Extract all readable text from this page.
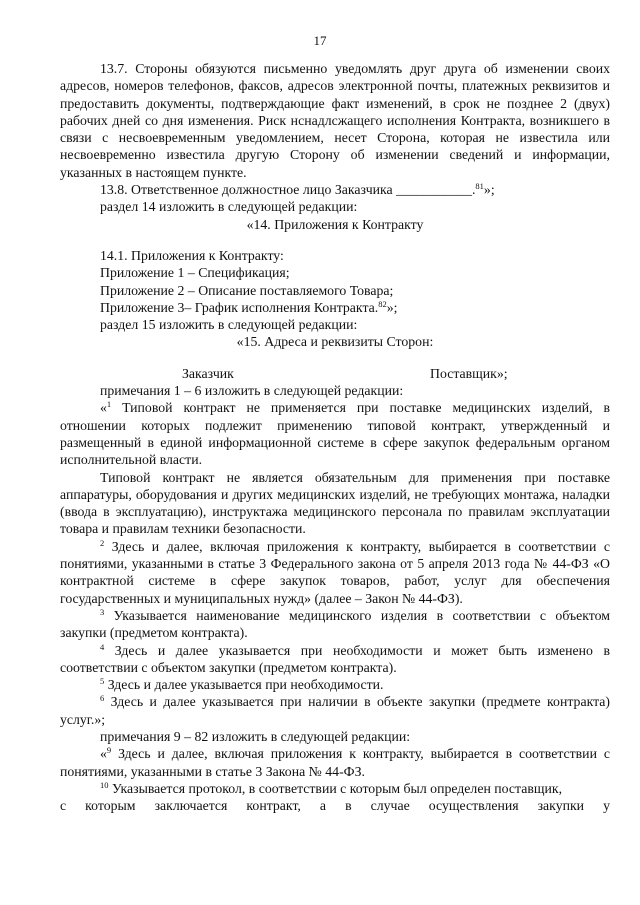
17

13.7. Стороны обязуются письменно уведомлять друг друга об изменении своих адресов, номеров телефонов, факсов, адресов электронной почты, платежных реквизитов и предоставить документы, подтверждающие факт изменений, в срок не позднее 2 (двух) рабочих дней со дня изменения. Риск нснадлсжащего исполнения Контракта, возникшего в связи с несвоевременным уведомлением, несет Сторона, которая не известила или несвоевременно известила другую Сторону об изменении сведений и информации, указанных в настоящем пункте.

13.8. Ответственное должностное лицо Заказчика ___________.$^{81}$»;

раздел 14 изложить в следующей редакции:

«14. Приложения к Контракту

14.1. Приложения к Контракту:

Приложение 1 – Спецификация;

Приложение 2 – Описание поставляемого Товара;

Приложение 3– График исполнения Контракта.$^{82}$»;

раздел 15 изложить в следующей редакции:

«15. Адреса и реквизиты Сторон:

Заказчик	Поставщик»;

примечания 1 – 6 изложить в следующей редакции:

«$^1$ Типовой контракт не применяется при поставке медицинских изделий, в отношении которых подлежит применению типовой контракт, утвержденный и размещенный в единой информационной системе в сфере закупок федеральным органом исполнительной власти.

Типовой контракт не является обязательным для применения при поставке аппаратуры, оборудования и других медицинских изделий, не требующих монтажа, наладки (ввода в эксплуатацию), инструктажа медицинского персонала по правилам эксплуатации товара и правилам техники безопасности.

$^2$ Здесь и далее, включая приложения к контракту, выбирается в соответствии с понятиями, указанными в статье 3 Федерального закона от 5 апреля 2013 года № 44-ФЗ «О контрактной системе в сфере закупок товаров, работ, услуг для обеспечения государственных и муниципальных нужд» (далее – Закон № 44-ФЗ).

$^3$ Указывается наименование медицинского изделия в соответствии с объектом закупки (предметом контракта).

$^4$ Здесь и далее указывается при необходимости и может быть изменено в соответствии с объектом закупки (предметом контракта).

$^5$ Здесь и далее указывается при необходимости.

$^6$ Здесь и далее указывается при наличии в объекте закупки (предмете контракта) услуг.»;

примечания 9 – 82 изложить в следующей редакции:

«$^9$ Здесь и далее, включая приложения к контракту, выбирается в соответствии с понятиями, указанными в статье 3 Закона № 44-ФЗ.

$^{10}$ Указывается протокол, в соответствии с которым был определен поставщик,

с которым заключается контракт, а в случае осуществления закупки у
